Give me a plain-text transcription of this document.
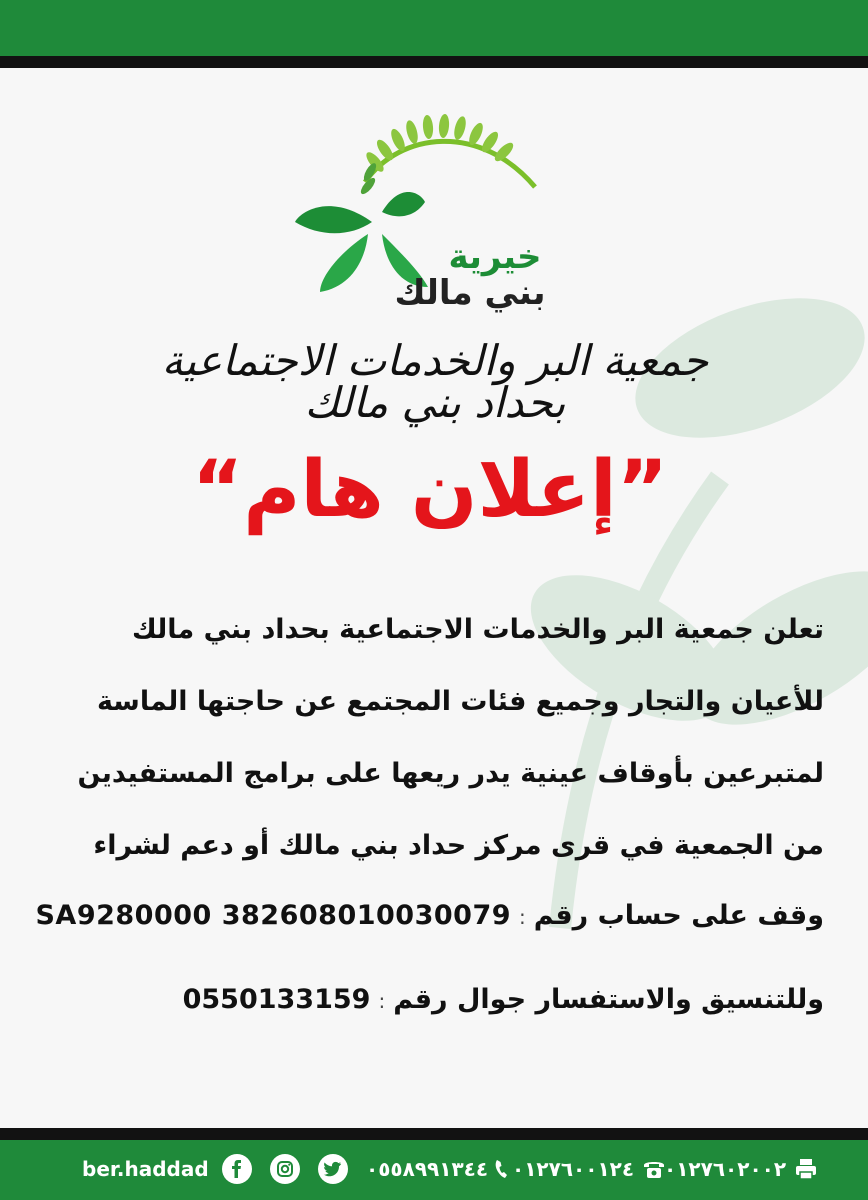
خيرية
بني مالك
جمعية البر والخدمات الاجتماعية بحداد بني مالك
”إعلان هام“
تعلن جمعية البر والخدمات الاجتماعية بحداد بني مالك
للأعيان والتجار وجميع فئات المجتمع عن حاجتها الماسة
لمتبرعين بأوقاف عينية يدر ريعها على برامج المستفيدين
من الجمعية في قرى مركز حداد بني مالك أو دعم لشراء
وقف على حساب رقم:SA9280000 382608010030079
وللتنسيق والاستفسار جوال رقم:0550133159
ber.haddad	٠٥٥٨٩٩١٣٤٤ ٠١٢٧٦٠٠١٢٤ ٠١٢٧٦٠٢٠٠٢
